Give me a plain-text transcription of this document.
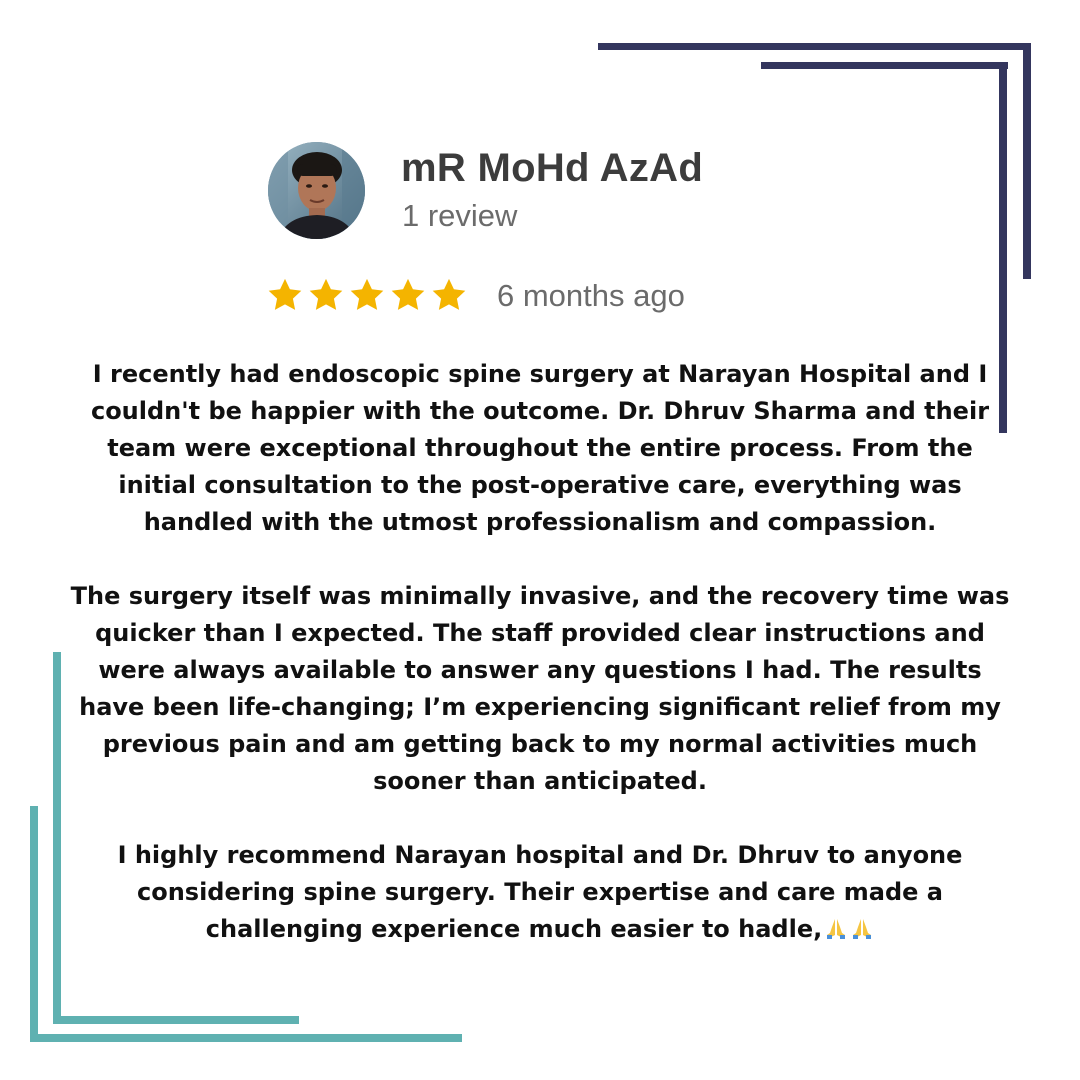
mR MoHd AzAd
1 review
6 months ago

I recently had endoscopic spine surgery at Narayan Hospital and I couldn't be happier with the outcome. Dr. Dhruv Sharma and their team were exceptional throughout the entire process. From the initial consultation to the post-operative care, everything was handled with the utmost professionalism and compassion.

The surgery itself was minimally invasive, and the recovery time was quicker than I expected. The staff provided clear instructions and were always available to answer any questions I had. The results have been life-changing; I’m experiencing significant relief from my previous pain and am getting back to my normal activities much sooner than anticipated.

I highly recommend Narayan hospital and Dr. Dhruv to anyone considering spine surgery. Their expertise and care made a challenging experience much easier to hadle,
